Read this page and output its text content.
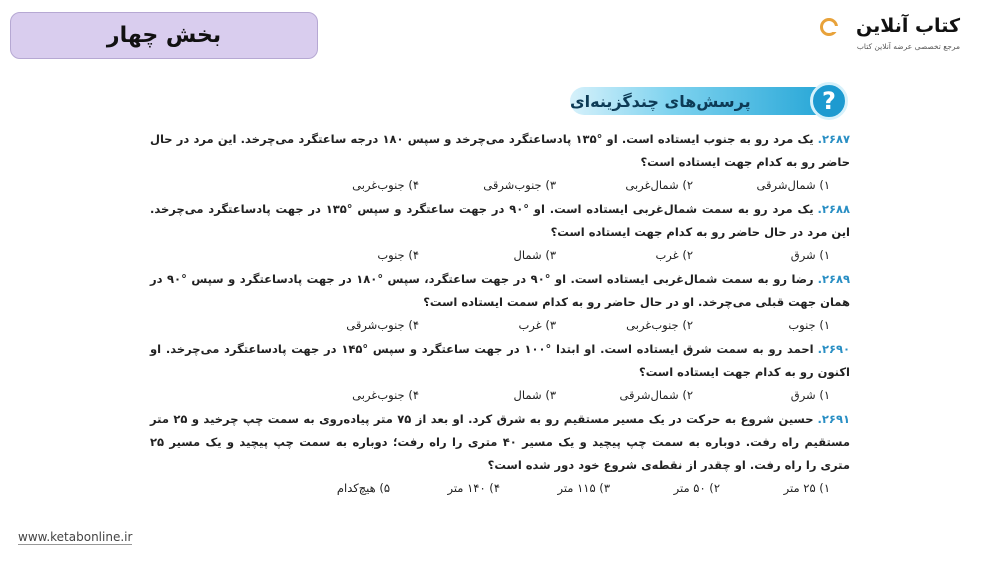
بخش چهار	کتاب آنلاین
مرجع تخصصی عرضه آنلاین کتاب
پرسش‌های چندگزینه‌ای	?
۲۶۸۷.یک مرد رو به جنوب ایستاده است. او °۱۳۵ پادساعتگرد می‌چرخد و سپس ۱۸۰ درجه ساعتگرد می‌چرخد. این مرد در حال حاضر رو به کدام جهت ایستاده است؟
۱) شمال‌شرقی
۲) شمال‌غربی
۳) جنوب‌شرقی
۴) جنوب‌غربی
۲۶۸۸.یک مرد رو به سمت شمال‌غربی ایستاده است. او °۹۰ در جهت ساعتگرد و سپس °۱۳۵ در جهت پادساعتگرد می‌چرخد. این مرد در حال حاضر رو به کدام جهت ایستاده است؟
۱) شرق
۲) غرب
۳) شمال
۴) جنوب
۲۶۸۹.رضا رو به سمت شمال‌غربی ایستاده است. او °۹۰ در جهت ساعتگرد، سپس °۱۸۰ در جهت پادساعتگرد و سپس °۹۰ در همان جهت قبلی می‌چرخد. او در حال حاضر رو به کدام سمت ایستاده است؟
۱) جنوب
۲) جنوب‌غربی
۳) غرب
۴) جنوب‌شرقی
۲۶۹۰.احمد رو به سمت شرق ایستاده است. او ابتدا °۱۰۰ در جهت ساعتگرد و سپس °۱۴۵ در جهت پادساعتگرد می‌چرخد. او اکنون رو به کدام جهت ایستاده است؟
۱) شرق
۲) شمال‌شرقی
۳) شمال
۴) جنوب‌غربی
۲۶۹۱.حسین شروع به حرکت در یک مسیر مستقیم رو به شرق کرد. او بعد از ۷۵ متر پیاده‌روی به سمت چپ چرخید و ۲۵ متر مستقیم راه رفت. دوباره به سمت چپ پیچید و یک مسیر ۴۰ متری را راه رفت؛ دوباره به سمت چپ پیچید و یک مسیر ۲۵ متری را راه رفت. او چقدر از نقطه‌ی شروع خود دور شده است؟
۱) ۲۵ متر
۲) ۵۰ متر
۳) ۱۱۵ متر
۴) ۱۴۰ متر
۵) هیچ‌کدام
www.ketabonline.ir
